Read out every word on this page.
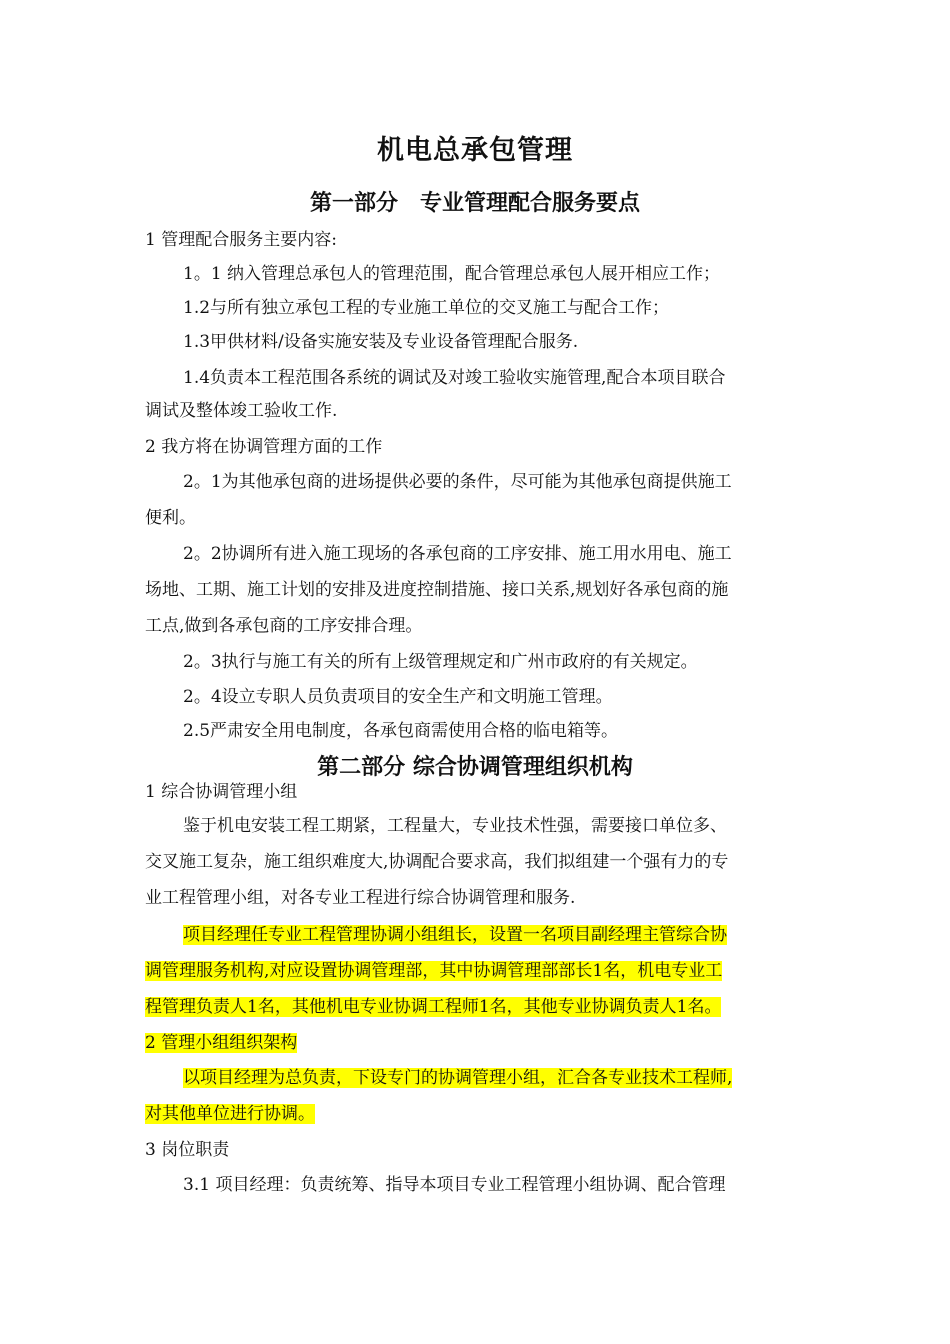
机电总承包管理
第一部分　专业管理配合服务要点
1 管理配合服务主要内容:
1。1 纳入管理总承包人的管理范围，配合管理总承包人展开相应工作；
1.2与所有独立承包工程的专业施工单位的交叉施工与配合工作；
1.3甲供材料/设备实施安装及专业设备管理配合服务.
1.4负责本工程范围各系统的调试及对竣工验收实施管理,配合本项目联合
调试及整体竣工验收工作.
2 我方将在协调管理方面的工作
2。1为其他承包商的进场提供必要的条件，尽可能为其他承包商提供施工
便利。
2。2协调所有进入施工现场的各承包商的工序安排、施工用水用电、施工
场地、工期、施工计划的安排及进度控制措施、接口关系,规划好各承包商的施
工点,做到各承包商的工序安排合理。
2。3执行与施工有关的所有上级管理规定和广州市政府的有关规定。
2。4设立专职人员负责项目的安全生产和文明施工管理。
2.5严肃安全用电制度，各承包商需使用合格的临电箱等。
第二部分 综合协调管理组织机构
1 综合协调管理小组
鉴于机电安装工程工期紧，工程量大，专业技术性强，需要接口单位多、
交叉施工复杂，施工组织难度大,协调配合要求高，我们拟组建一个强有力的专
业工程管理小组，对各专业工程进行综合协调管理和服务.
项目经理任专业工程管理协调小组组长，设置一名项目副经理主管综合协
调管理服务机构,对应设置协调管理部，其中协调管理部部长1名，机电专业工
程管理负责人1名，其他机电专业协调工程师1名，其他专业协调负责人1名。
2 管理小组组织架构
以项目经理为总负责，下设专门的协调管理小组，汇合各专业技术工程师,
对其他单位进行协调。
3 岗位职责
3.1 项目经理：负责统筹、指导本项目专业工程管理小组协调、配合管理
